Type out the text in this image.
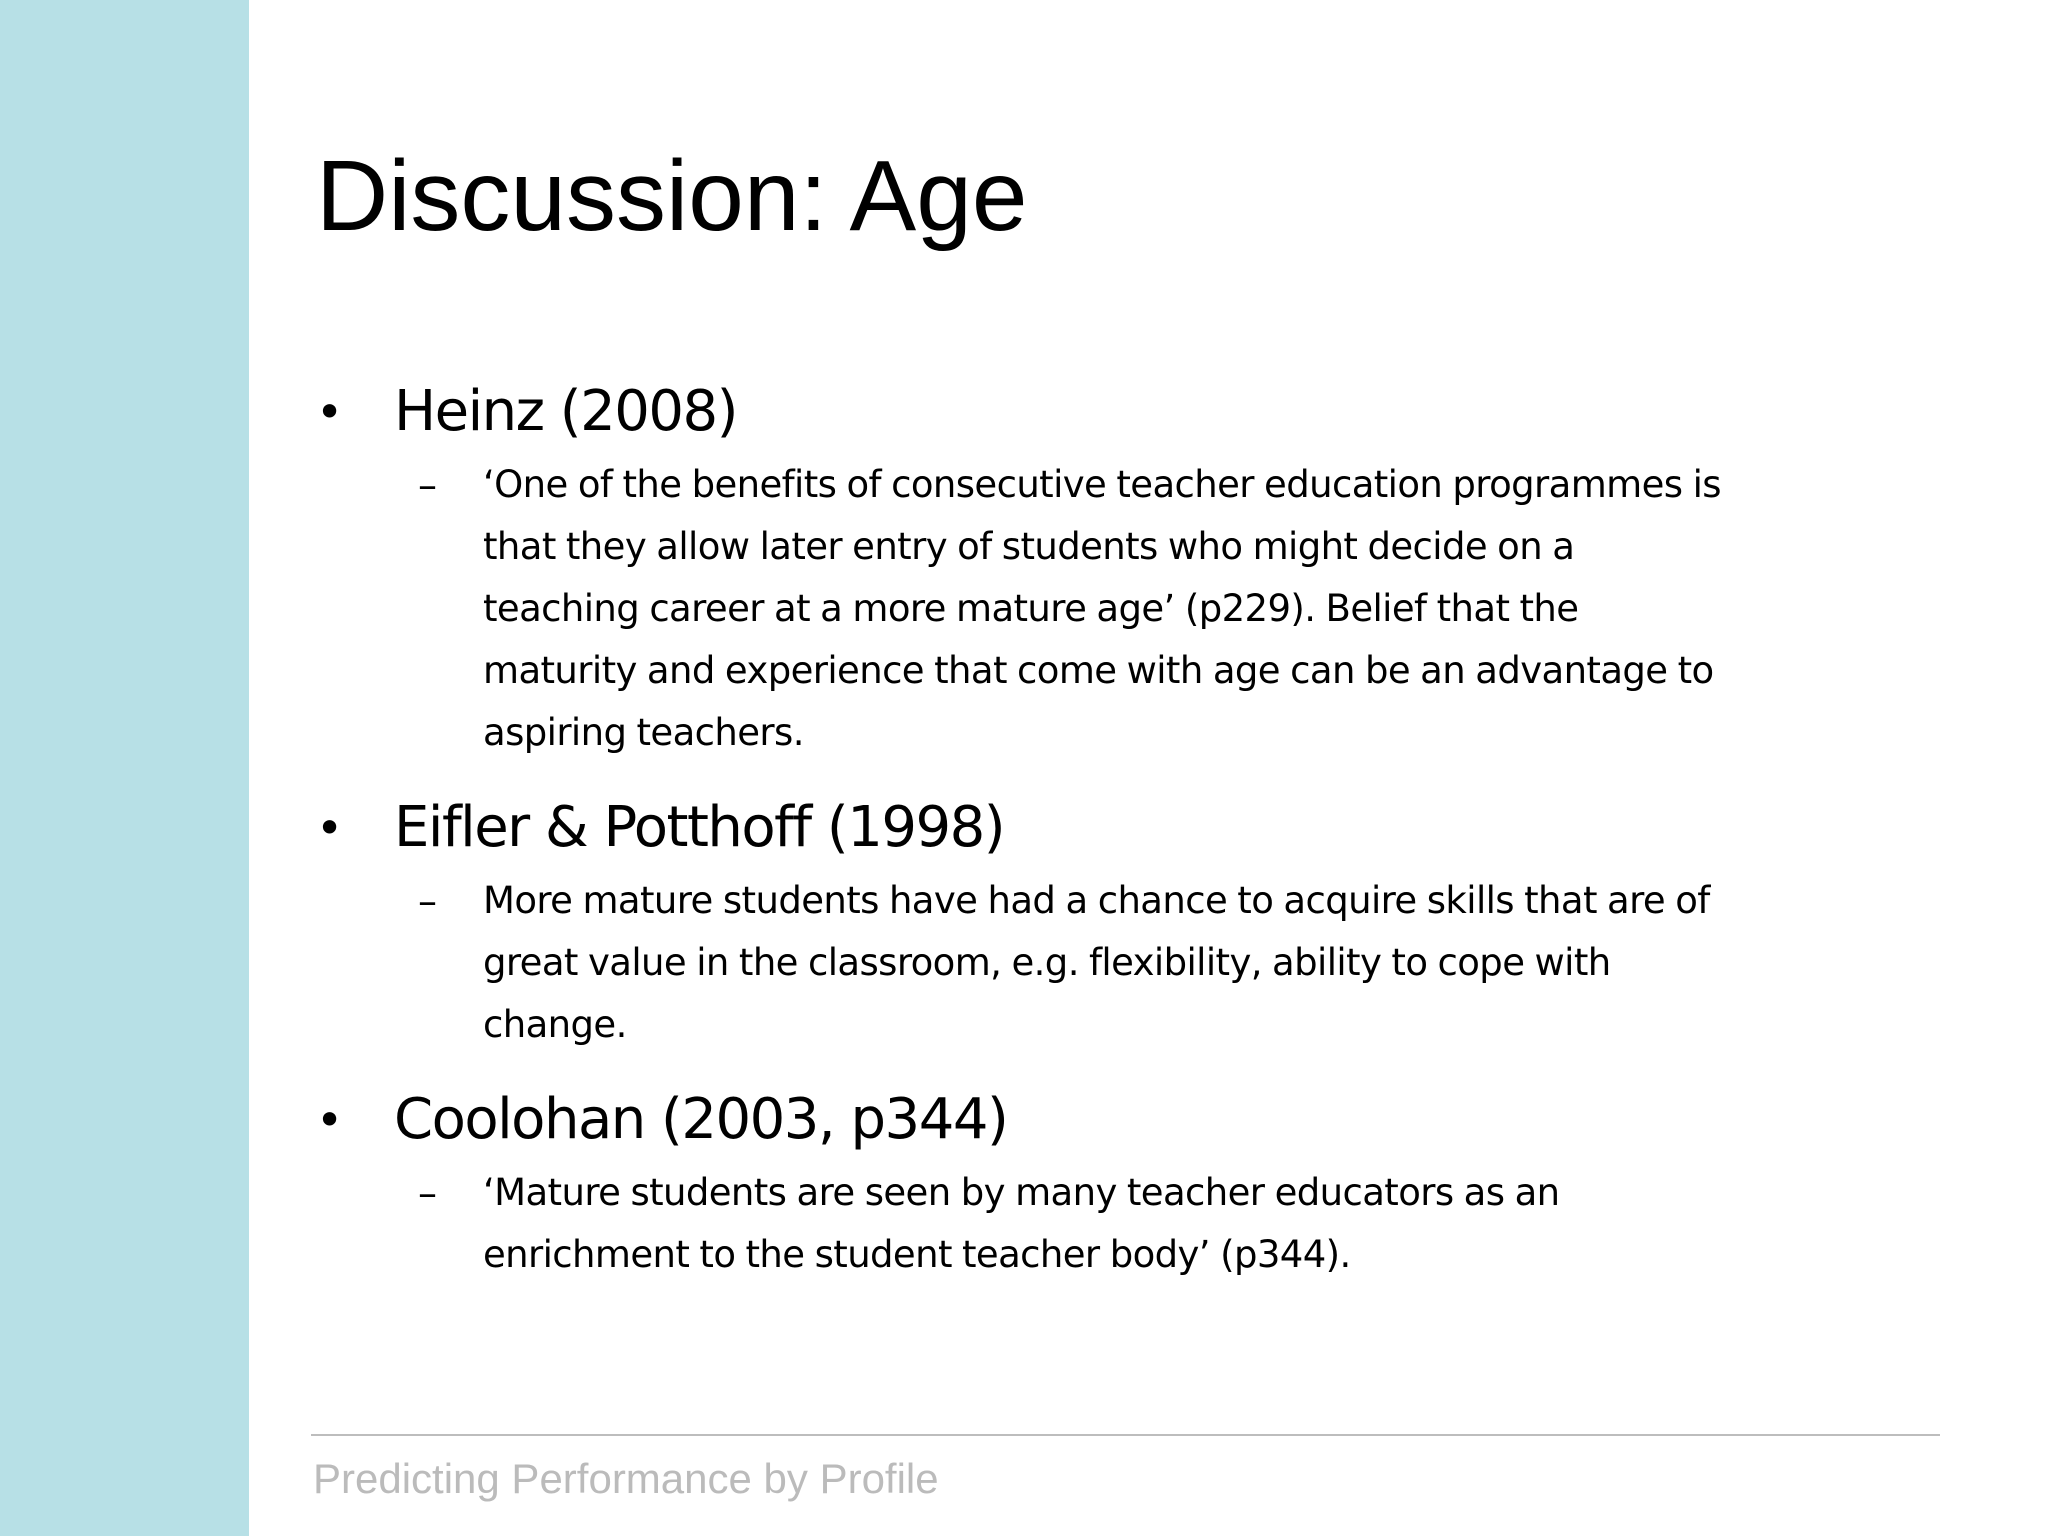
Discussion: Age
• Heinz (2008)
– ‘One of the benefits of consecutive teacher education programmes is
that they allow later entry of students who might decide on a
teaching career at a more mature age’ (p229). Belief that the
maturity and experience that come with age can be an advantage to
aspiring teachers.
• Eifler & Potthoff (1998)
– More mature students have had a chance to acquire skills that are of
great value in the classroom, e.g. flexibility, ability to cope with
change.
• Coolohan (2003, p344)
– ‘Mature students are seen by many teacher educators as an
enrichment to the student teacher body’ (p344).
Predicting Performance by Profile
